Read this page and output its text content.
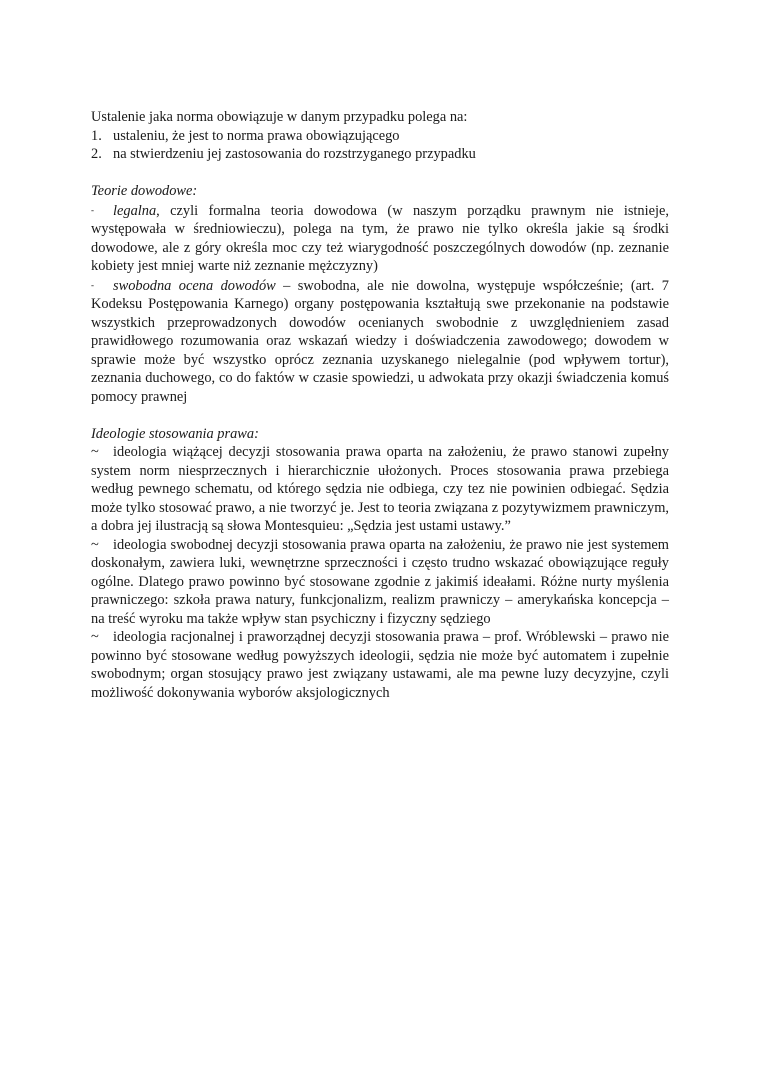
Ustalenie jaka norma obowiązuje w danym przypadku polega na:

1. ustaleniu, że jest to norma prawa obowiązującego
2. na stwierdzeniu jej zastosowania do rozstrzyganego przypadku

Teorie dowodowe:

- legalna, czyli formalna teoria dowodowa (w naszym porządku prawnym nie istnieje, występowała w średniowieczu), polega na tym, że prawo nie tylko określa jakie są środki dowodowe, ale z góry określa moc czy też wiarygodność poszczególnych dowodów (np. zeznanie kobiety jest mniej warte niż zeznanie mężczyzny)

- swobodna ocena dowodów – swobodna, ale nie dowolna, występuje współcześnie; (art. 7 Kodeksu Postępowania Karnego) organy postępowania kształtują swe przekonanie na podstawie wszystkich przeprowadzonych dowodów ocenianych swobodnie z uwzględnieniem zasad prawidłowego rozumowania oraz wskazań wiedzy i doświadczenia zawodowego; dowodem w sprawie może być wszystko oprócz zeznania uzyskanego nielegalnie (pod wpływem tortur), zeznania duchowego, co do faktów w czasie spowiedzi, u adwokata przy okazji świadczenia komuś pomocy prawnej

Ideologie stosowania prawa:

~ ideologia wiążącej decyzji stosowania prawa oparta na założeniu, że prawo stanowi zupełny system norm niesprzecznych i hierarchicznie ułożonych. Proces stosowania prawa przebiega według pewnego schematu, od którego sędzia nie odbiega, czy tez nie powinien odbiegać. Sędzia może tylko stosować prawo, a nie tworzyć je. Jest to teoria związana z pozytywizmem prawniczym, a dobra jej ilustracją są słowa Montesquieu: „Sędzia jest ustami ustawy.”

~ ideologia swobodnej decyzji stosowania prawa oparta na założeniu, że prawo nie jest systemem doskonałym, zawiera luki, wewnętrzne sprzeczności i często trudno wskazać obowiązujące reguły ogólne. Dlatego prawo powinno być stosowane zgodnie z jakimiś ideałami. Różne nurty myślenia prawniczego: szkoła prawa natury, funkcjonalizm, realizm prawniczy – amerykańska koncepcja – na treść wyroku ma także wpływ stan psychiczny i fizyczny sędziego

~ ideologia racjonalnej i praworządnej decyzji stosowania prawa – prof. Wróblewski – prawo nie powinno być stosowane według powyższych ideologii, sędzia nie może być automatem i zupełnie swobodnym; organ stosujący prawo jest związany ustawami, ale ma pewne luzy decyzyjne, czyli możliwość dokonywania wyborów aksjologicznych
